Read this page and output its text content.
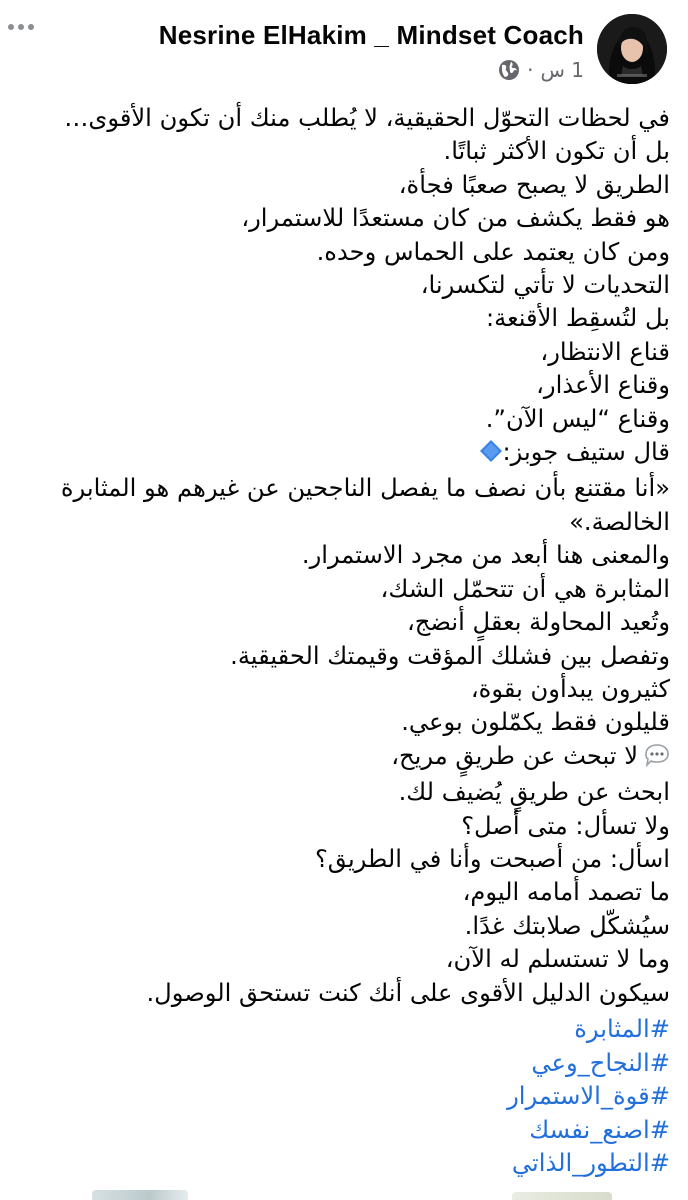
Nesrine ElHakim _ Mindset Coach
1 س
·
في لحظات التحوّل الحقيقية، لا يُطلب منك أن تكون الأقوى…
بل أن تكون الأكثر ثباتًا.
الطريق لا يصبح صعبًا فجأة،
هو فقط يكشف من كان مستعدًا للاستمرار،
ومن كان يعتمد على الحماس وحده.
التحديات لا تأتي لتكسرنا،
بل لتُسقِط الأقنعة:
قناع الانتظار،
وقناع الأعذار،
وقناع “ليس الآن”.
قال ستيف جوبز:
«أنا مقتنع بأن نصف ما يفصل الناجحين عن غيرهم هو المثابرة الخالصة.»
والمعنى هنا أبعد من مجرد الاستمرار.
المثابرة هي أن تتحمّل الشك،
وتُعيد المحاولة بعقلٍ أنضج،
وتفصل بين فشلك المؤقت وقيمتك الحقيقية.
كثيرون يبدأون بقوة،
قليلون فقط يكمّلون بوعي.
لا تبحث عن طريقٍ مريح،
ابحث عن طريقٍ يُضيف لك.
ولا تسأل: متى أصل؟
اسأل: من أصبحت وأنا في الطريق؟
ما تصمد أمامه اليوم،
سيُشكّل صلابتك غدًا.
وما لا تستسلم له الآن،
سيكون الدليل الأقوى على أنك كنت تستحق الوصول.
#المثابرة
#النجاح_وعي
#قوة_الاستمرار
#اصنع_نفسك
#التطور_الذاتي
